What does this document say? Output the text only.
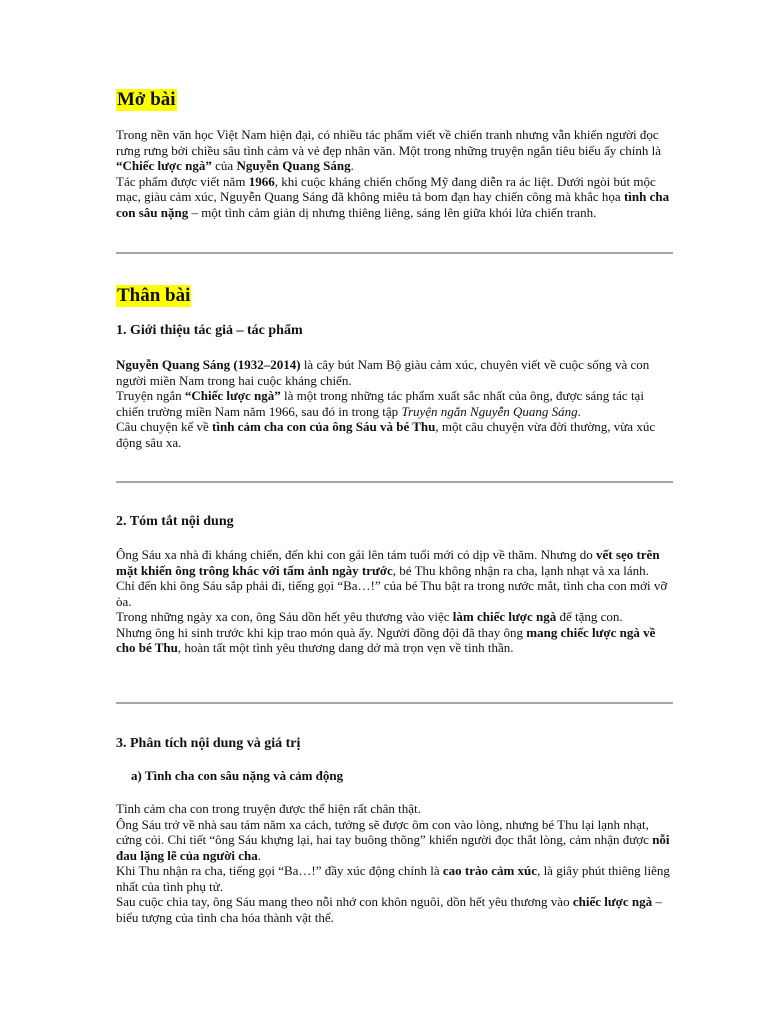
Mở bài

Trong nền văn học Việt Nam hiện đại, có nhiều tác phẩm viết về chiến tranh nhưng vẫn khiến người đọc rưng rưng bởi chiều sâu tình cảm và vẻ đẹp nhân văn. Một trong những truyện ngắn tiêu biểu ấy chính là “Chiếc lược ngà” của Nguyễn Quang Sáng.

Tác phẩm được viết năm 1966, khi cuộc kháng chiến chống Mỹ đang diễn ra ác liệt. Dưới ngòi bút mộc mạc, giàu cảm xúc, Nguyễn Quang Sáng đã không miêu tả bom đạn hay chiến công mà khắc họa tình cha con sâu nặng – một tình cảm giản dị nhưng thiêng liêng, sáng lên giữa khói lửa chiến tranh.

Thân bài
1. Giới thiệu tác giả – tác phẩm

Nguyễn Quang Sáng (1932–2014) là cây bút Nam Bộ giàu cảm xúc, chuyên viết về cuộc sống và con người miền Nam trong hai cuộc kháng chiến.

Truyện ngắn “Chiếc lược ngà” là một trong những tác phẩm xuất sắc nhất của ông, được sáng tác tại chiến trường miền Nam năm 1966, sau đó in trong tập Truyện ngắn Nguyễn Quang Sáng.

Câu chuyện kể về tình cảm cha con của ông Sáu và bé Thu, một câu chuyện vừa đời thường, vừa xúc động sâu xa.

2. Tóm tắt nội dung

Ông Sáu xa nhà đi kháng chiến, đến khi con gái lên tám tuổi mới có dịp về thăm. Nhưng do vết sẹo trên mặt khiến ông trông khác với tấm ảnh ngày trước, bé Thu không nhận ra cha, lạnh nhạt và xa lánh.

Chỉ đến khi ông Sáu sắp phải đi, tiếng gọi “Ba…!” của bé Thu bật ra trong nước mắt, tình cha con mới vỡ òa.

Trong những ngày xa con, ông Sáu dồn hết yêu thương vào việc làm chiếc lược ngà để tặng con.

Nhưng ông hi sinh trước khi kịp trao món quà ấy. Người đồng đội đã thay ông mang chiếc lược ngà về cho bé Thu, hoàn tất một tình yêu thương dang dở mà trọn vẹn về tinh thần.

3. Phân tích nội dung và giá trị
a) Tình cha con sâu nặng và cảm động

Tình cảm cha con trong truyện được thể hiện rất chân thật.

Ông Sáu trở về nhà sau tám năm xa cách, tưởng sẽ được ôm con vào lòng, nhưng bé Thu lại lạnh nhạt, cứng cỏi. Chi tiết “ông Sáu khựng lại, hai tay buông thõng” khiến người đọc thắt lòng, cảm nhận được nỗi đau lặng lẽ của người cha.

Khi Thu nhận ra cha, tiếng gọi “Ba…!” đầy xúc động chính là cao trào cảm xúc, là giây phút thiêng liêng nhất của tình phụ tử.

Sau cuộc chia tay, ông Sáu mang theo nỗi nhớ con khôn nguôi, dồn hết yêu thương vào chiếc lược ngà – biểu tượng của tình cha hóa thành vật thể.
